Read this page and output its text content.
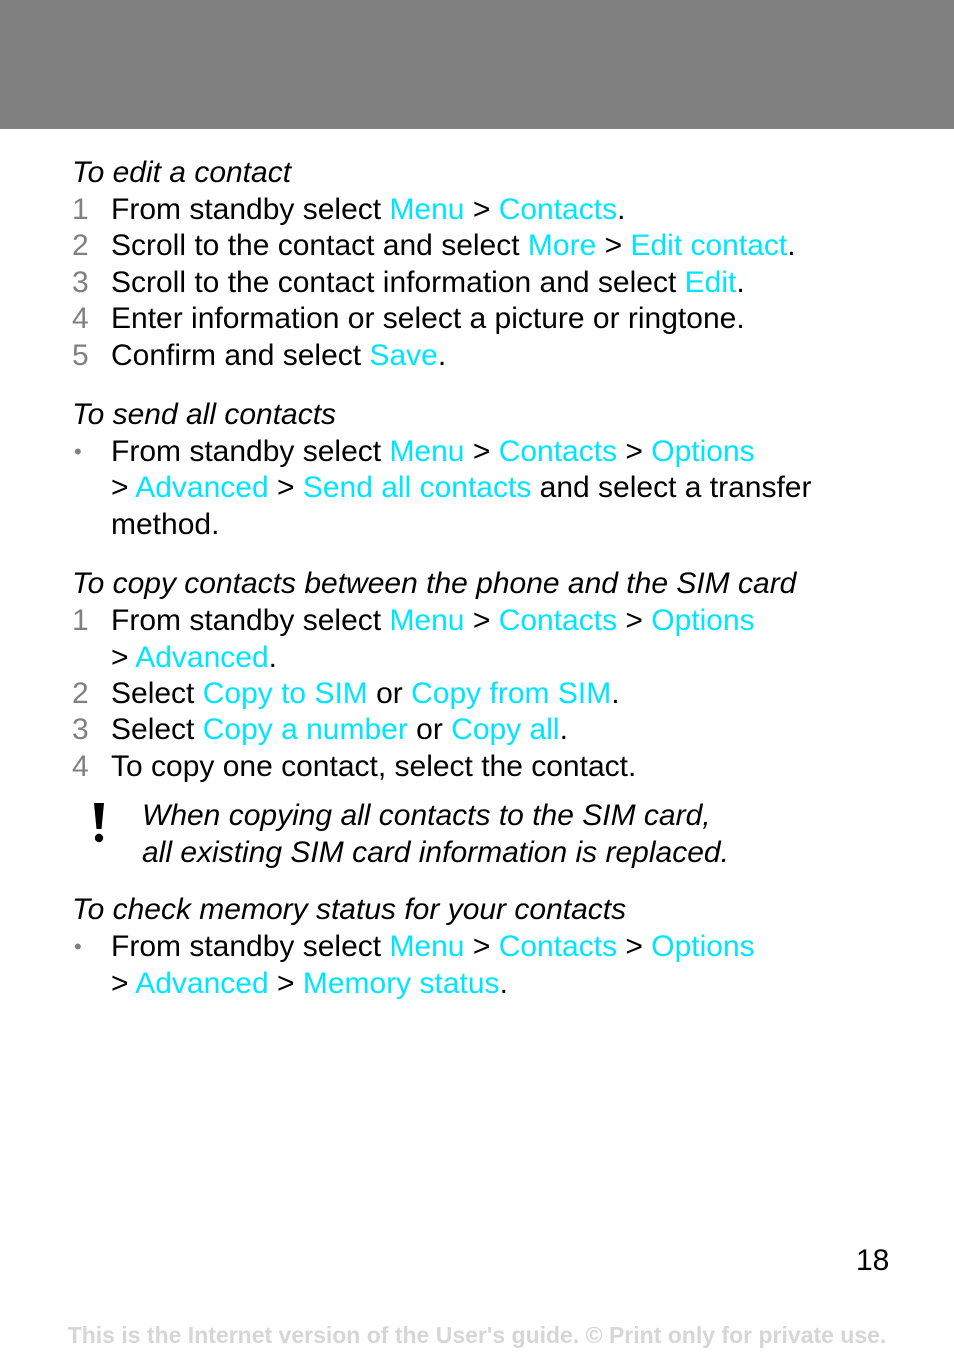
To edit a contact
1 From standby select Menu > Contacts.
2 Scroll to the contact and select More > Edit contact.
3 Scroll to the contact information and select Edit.
4 Enter information or select a picture or ringtone.
5 Confirm and select Save.
To send all contacts
• From standby select Menu > Contacts > Options
> Advanced > Send all contacts and select a transfer method.
To copy contacts between the phone and the SIM card
1 From standby select Menu > Contacts > Options
> Advanced.
2 Select Copy to SIM or Copy from SIM.
3 Select Copy a number or Copy all.
4 To copy one contact, select the contact.
When copying all contacts to the SIM card,
all existing SIM card information is replaced.
To check memory status for your contacts
• From standby select Menu > Contacts > Options
> Advanced > Memory status.
18
This is the Internet version of the User's guide. © Print only for private use.
